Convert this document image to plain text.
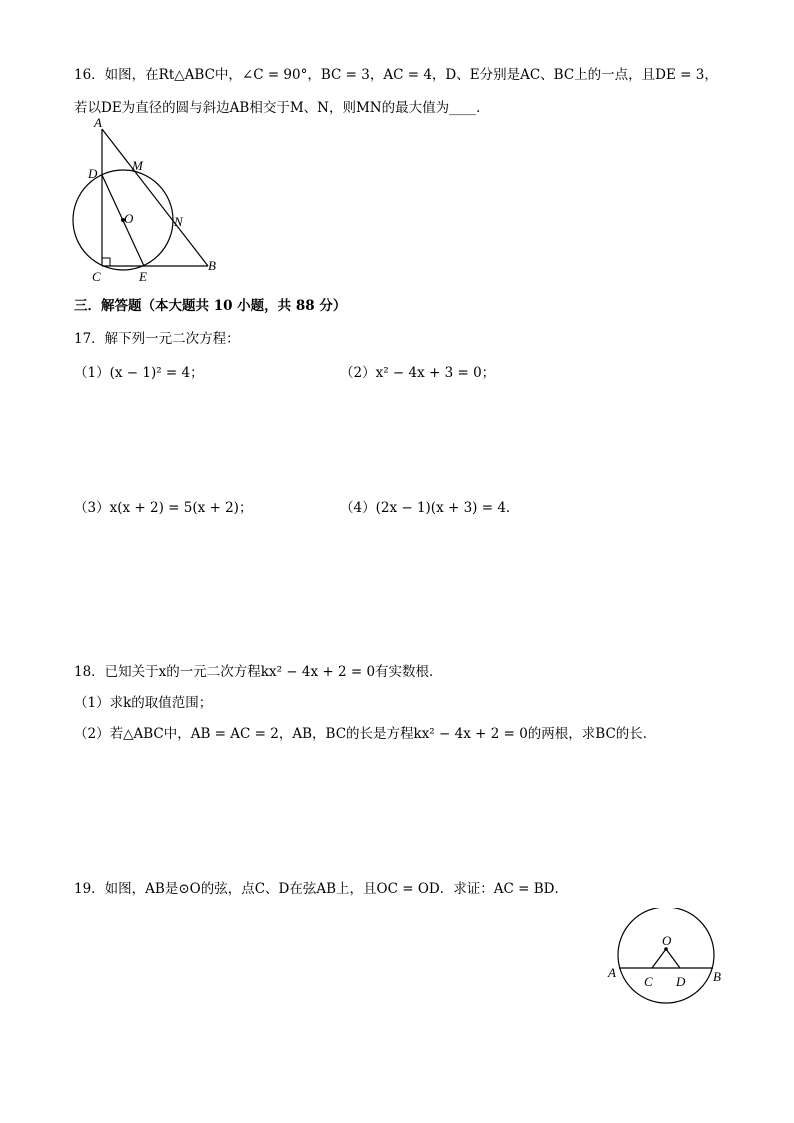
16．如图，在Rt△ABC中，∠C = 90°，BC = 3，AC = 4，D、E分别是AC、BC上的一点，且DE = 3，
若以DE为直径的圆与斜边AB相交于M、N，则MN的最大值为____．
A
D
M
N
O
C	E
B
三．解答题（本大题共 10 小题，共 88 分）
17．解下列一元二次方程：
（1）(x − 1)² = 4；	（2）x² − 4x + 3 = 0；
（3）x(x + 2) = 5(x + 2)；	（4）(2x − 1)(x + 3) = 4．
18．已知关于x的一元二次方程kx² − 4x + 2 = 0有实数根．
（1）求k的取值范围；
（2）若△ABC中，AB = AC = 2，AB，BC的长是方程kx² − 4x + 2 = 0的两根，求BC的长．
19．如图，AB是⊙O的弦，点C、D在弦AB上，且OC = OD．求证：AC = BD．
O
A	B
C D
